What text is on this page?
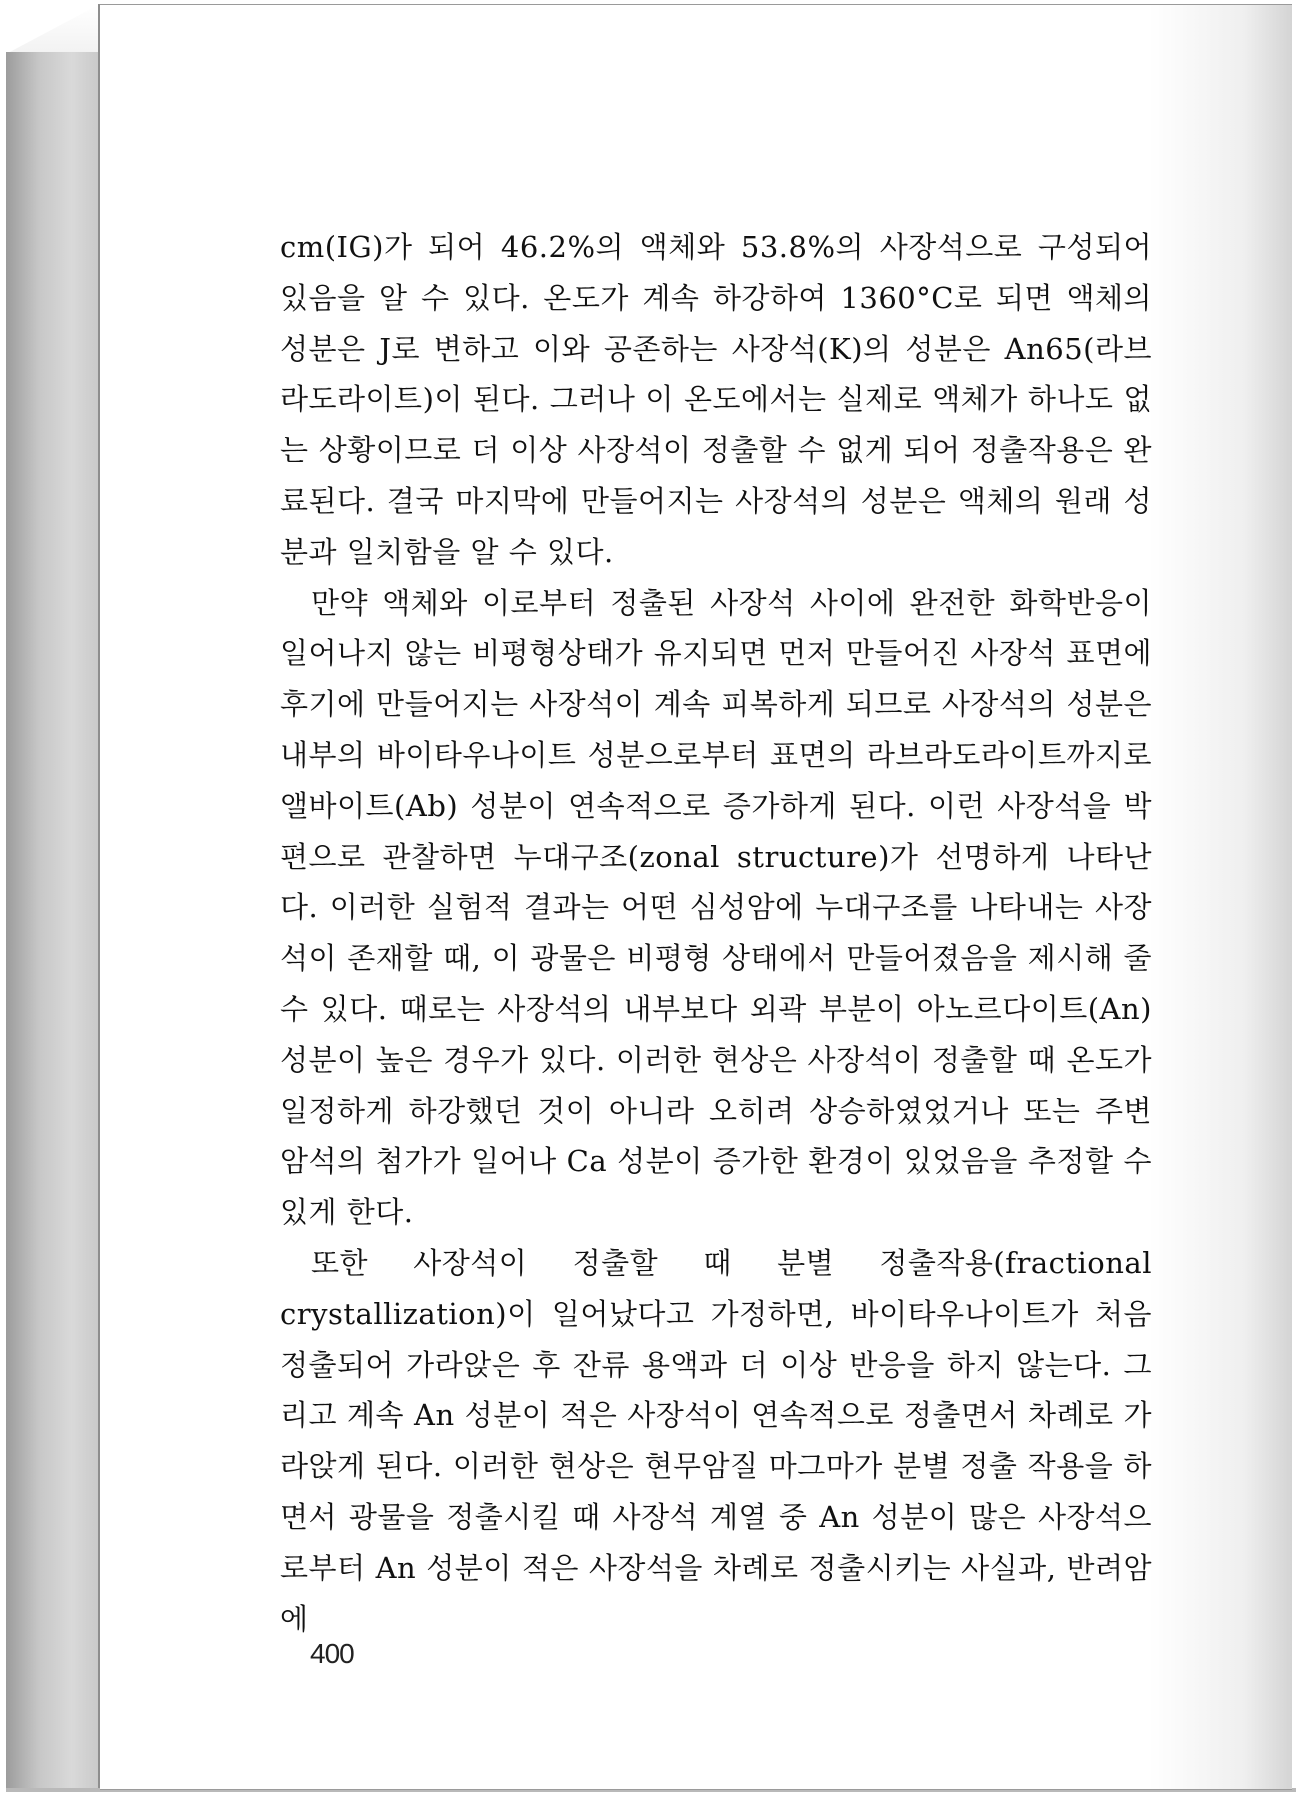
cm(IG)가 되어 46.2%의 액체와 53.8%의 사장석으로 구성되어 있음을 알 수 있다. 온도가 계속 하강하여 1360°C로 되면 액체의 성분은 J로 변하고 이와 공존하는 사장석(K)의 성분은 An65(라브라도라이트)이 된다. 그러나 이 온도에서는 실제로 액체가 하나도 없는 상황이므로 더 이상 사장석이 정출할 수 없게 되어 정출작용은 완료된다. 결국 마지막에 만들어지는 사장석의 성분은 액체의 원래 성분과 일치함을 알 수 있다.

만약 액체와 이로부터 정출된 사장석 사이에 완전한 화학반응이 일어나지 않는 비평형상태가 유지되면 먼저 만들어진 사장석 표면에 후기에 만들어지는 사장석이 계속 피복하게 되므로 사장석의 성분은 내부의 바이타우나이트 성분으로부터 표면의 라브라도라이트까지로 앨바이트(Ab) 성분이 연속적으로 증가하게 된다. 이런 사장석을 박편으로 관찰하면 누대구조(zonal structure)가 선명하게 나타난다. 이러한 실험적 결과는 어떤 심성암에 누대구조를 나타내는 사장석이 존재할 때, 이 광물은 비평형 상태에서 만들어졌음을 제시해 줄 수 있다. 때로는 사장석의 내부보다 외곽 부분이 아노르다이트(An) 성분이 높은 경우가 있다. 이러한 현상은 사장석이 정출할 때 온도가 일정하게 하강했던 것이 아니라 오히려 상승하였었거나 또는 주변 암석의 첨가가 일어나 Ca 성분이 증가한 환경이 있었음을 추정할 수 있게 한다.

또한 사장석이 정출할 때 분별 정출작용(fractional crystallization)이 일어났다고 가정하면, 바이타우나이트가 처음 정출되어 가라앉은 후 잔류 용액과 더 이상 반응을 하지 않는다. 그리고 계속 An 성분이 적은 사장석이 연속적으로 정출면서 차례로 가라앉게 된다. 이러한 현상은 현무암질 마그마가 분별 정출 작용을 하면서 광물을 정출시킬 때 사장석 계열 중 An 성분이 많은 사장석으로부터 An 성분이 적은 사장석을 차례로 정출시키는 사실과, 반려암에

400
